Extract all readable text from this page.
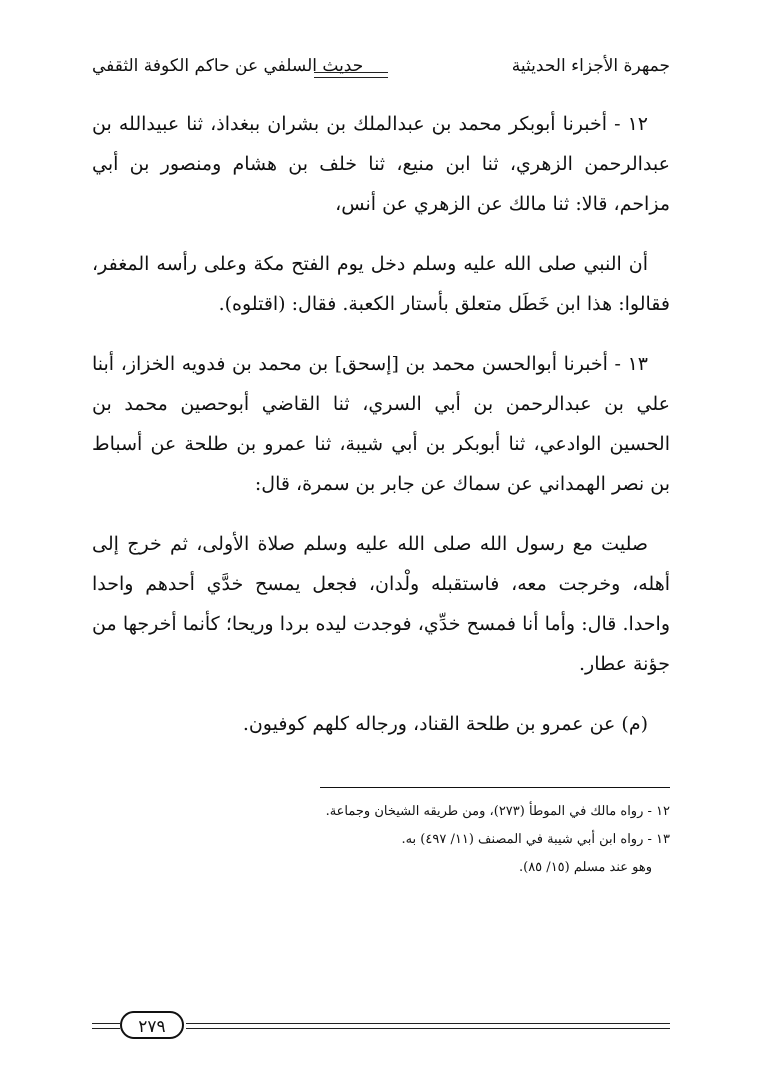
جمهرة الأجزاء الحديثية
حديث السلفي عن حاكم الكوفة الثقفي

١٢ - أخبرنا أبوبكر محمد بن عبدالملك بن بشران ببغداذ، ثنا عبيدالله بن عبدالرحمن الزهري، ثنا ابن منيع، ثنا خلف بن هشام ومنصور بن أبي مزاحم، قالا: ثنا مالك عن الزهري عن أنس،

أن النبي صلى الله عليه وسلم دخل يوم الفتح مكة وعلى رأسه المغفر، فقالوا: هذا ابن خَطَل متعلق بأستار الكعبة. فقال: (اقتلوه).

١٣ - أخبرنا أبوالحسن محمد بن [إسحق] بن محمد بن فدويه الخزاز، أبنا علي بن عبدالرحمن بن أبي السري، ثنا القاضي أبوحصين محمد بن الحسين الوادعي، ثنا أبوبكر بن أبي شيبة، ثنا عمرو بن طلحة عن أسباط بن نصر الهمداني عن سماك عن جابر بن سمرة، قال:

صليت مع رسول الله صلى الله عليه وسلم صلاة الأولى، ثم خرج إلى أهله، وخرجت معه، فاستقبله ولْدان، فجعل يمسح خدَّي أحدهم واحدا واحدا. قال: وأما أنا فمسح خدِّي، فوجدت ليده بردا وريحا؛ كأنما أخرجها من جؤنة عطار.

(م) عن عمرو بن طلحة القناد، ورجاله كلهم كوفيون.

١٢ - رواه مالك في الموطأ (٢٧٣)، ومن طريقه الشيخان وجماعة.

١٣ - رواه ابن أبي شيبة في المصنف (١١/ ٤٩٧) به.

وهو عند مسلم (١٥/ ٨٥).

٢٧٩
